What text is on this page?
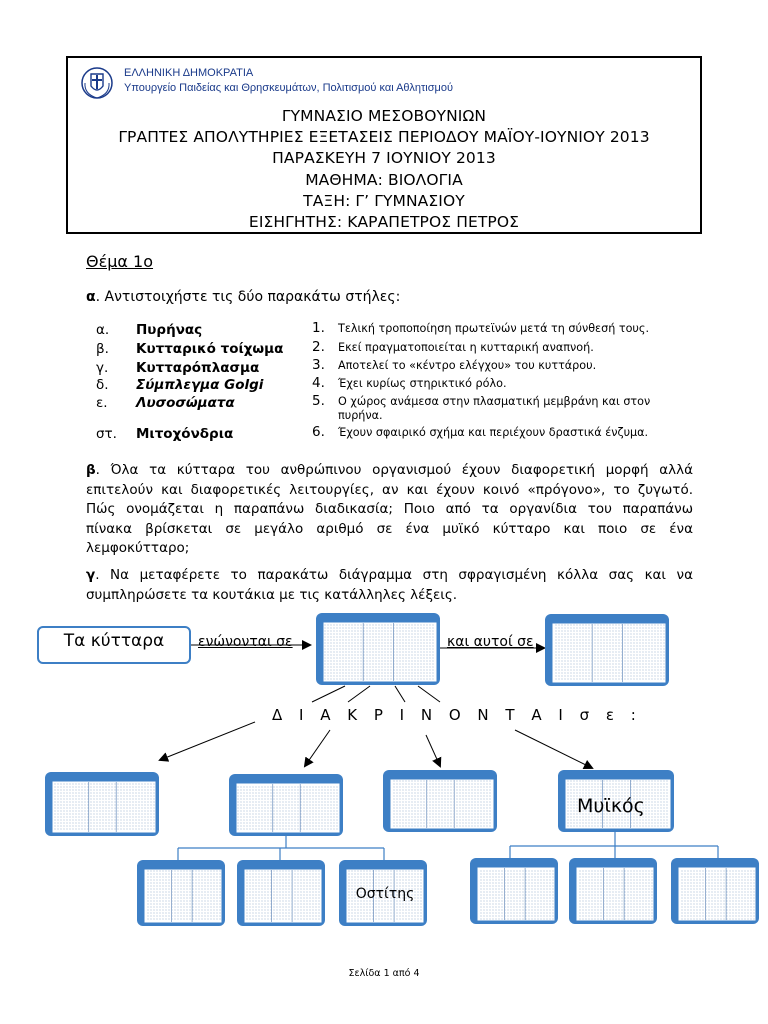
ΕΛΛΗΝΙΚΗ ΔΗΜΟΚΡΑΤΙΑ
Υπουργείο Παιδείας και Θρησκευμάτων, Πολιτισμού και Αθλητισμού
ΓΥΜΝΑΣΙΟ ΜΕΣΟΒΟΥΝΙΩΝ
ΓΡΑΠΤΕΣ ΑΠΟΛΥΤΗΡΙΕΣ ΕΞΕΤΑΣΕΙΣ ΠΕΡΙΟΔΟΥ ΜΑΪΟΥ-ΙΟΥΝΙΟΥ 2013
ΠΑΡΑΣΚΕΥΗ 7 ΙΟΥΝΙΟΥ 2013
ΜΑΘΗΜΑ: ΒΙΟΛΟΓΙΑ
ΤΑΞΗ: Γ’ ΓΥΜΝΑΣΙΟΥ
ΕΙΣΗΓΗΤΗΣ: ΚΑΡΑΠΕΤΡΟΣ ΠΕΤΡΟΣ
Θέμα 1ο
α. Αντιστοιχήστε τις δύο παρακάτω στήλες:
α. Πυρήνας
β. Κυτταρικό τοίχωμα
γ. Κυτταρόπλασμα
δ. Σύμπλεγμα Golgi
ε. Λυσοσώματα
στ. Μιτοχόνδρια
1. Τελική τροποποίηση πρωτεϊνών μετά τη σύνθεσή τους.
2. Εκεί πραγματοποιείται η κυτταρική αναπνοή.
3. Αποτελεί το «κέντρο ελέγχου» του κυττάρου.
4. Έχει κυρίως στηρικτικό ρόλο.
5. Ο χώρος ανάμεσα στην πλασματική μεμβράνη και στον πυρήνα.
6. Έχουν σφαιρικό σχήμα και περιέχουν δραστικά ένζυμα.
β. Όλα τα κύτταρα του ανθρώπινου οργανισμού έχουν διαφορετική μορφή αλλά
επιτελούν και διαφορετικές λειτουργίες, αν και έχουν κοινό «πρόγονο», το ζυγωτό.
Πώς ονομάζεται η παραπάνω διαδικασία; Ποιο από τα οργανίδια του παραπάνω
πίνακα βρίσκεται σε μεγάλο αριθμό σε ένα μυϊκό κύτταρο και ποιο σε ένα
λεμφοκύτταρο;
γ. Να μεταφέρετε το παρακάτω διάγραμμα στη σφραγισμένη κόλλα σας και να
συμπληρώσετε τα κουτάκια με τις κατάλληλες λέξεις.
Τα κύτταρα	ενώνονται σε	και αυτοί σε
Δ Ι Α Κ Ρ Ι Ν Ο Ν Τ Α Ι σ ε :
Μυϊκός
Οστίτης
Σελίδα 1 από 4
